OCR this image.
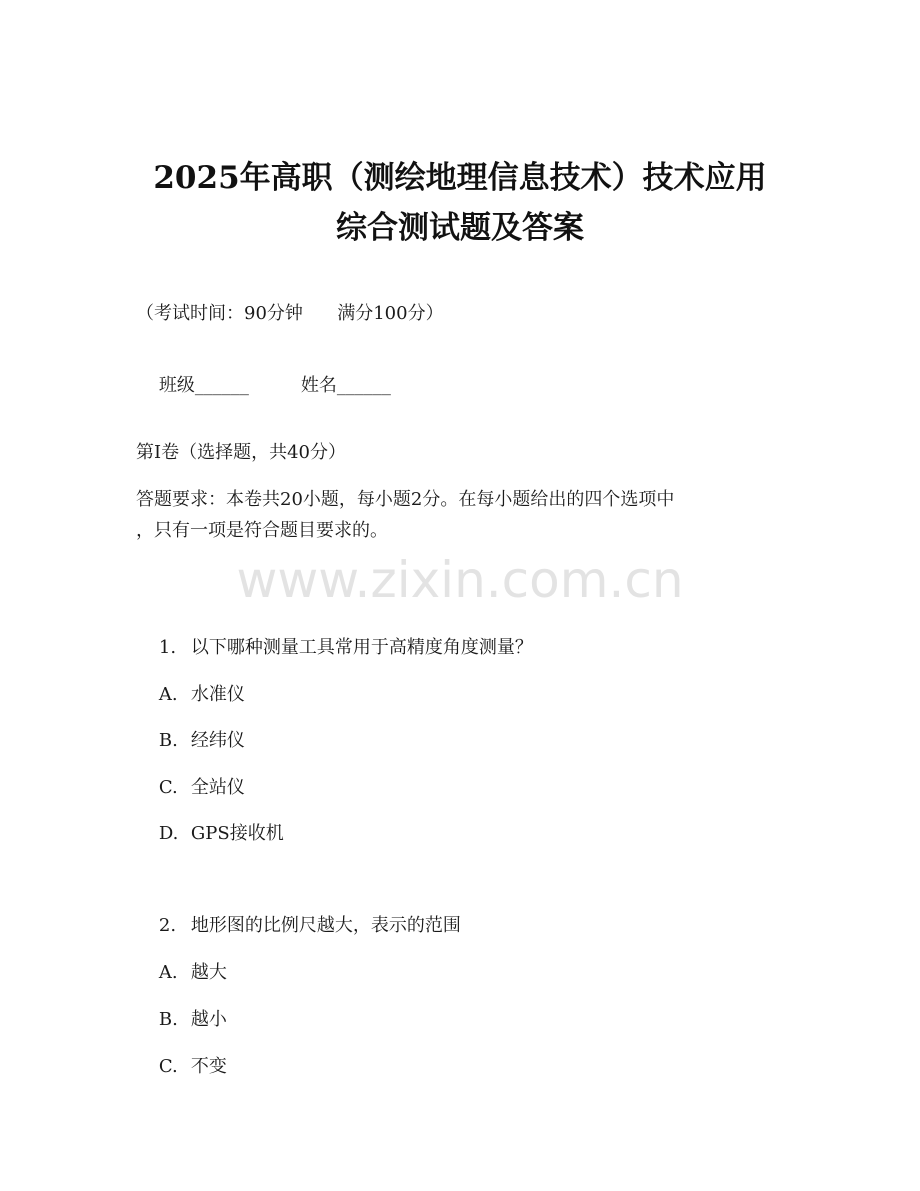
2025年高职（测绘地理信息技术）技术应用
综合测试题及答案
（考试时间：90分钟      满分100分）

班级______	姓名______

第I卷（选择题，共40分）
答题要求：本卷共20小题，每小题2分。在每小题给出的四个选项中
，只有一项是符合题目要求的。
www.zixin.com.cn

1. 以下哪种测量工具常用于高精度角度测量？

A. 水准仪

B. 经纬仪

C. 全站仪

D. GPS接收机

2. 地形图的比例尺越大，表示的范围

A. 越大

B. 越小

C. 不变
